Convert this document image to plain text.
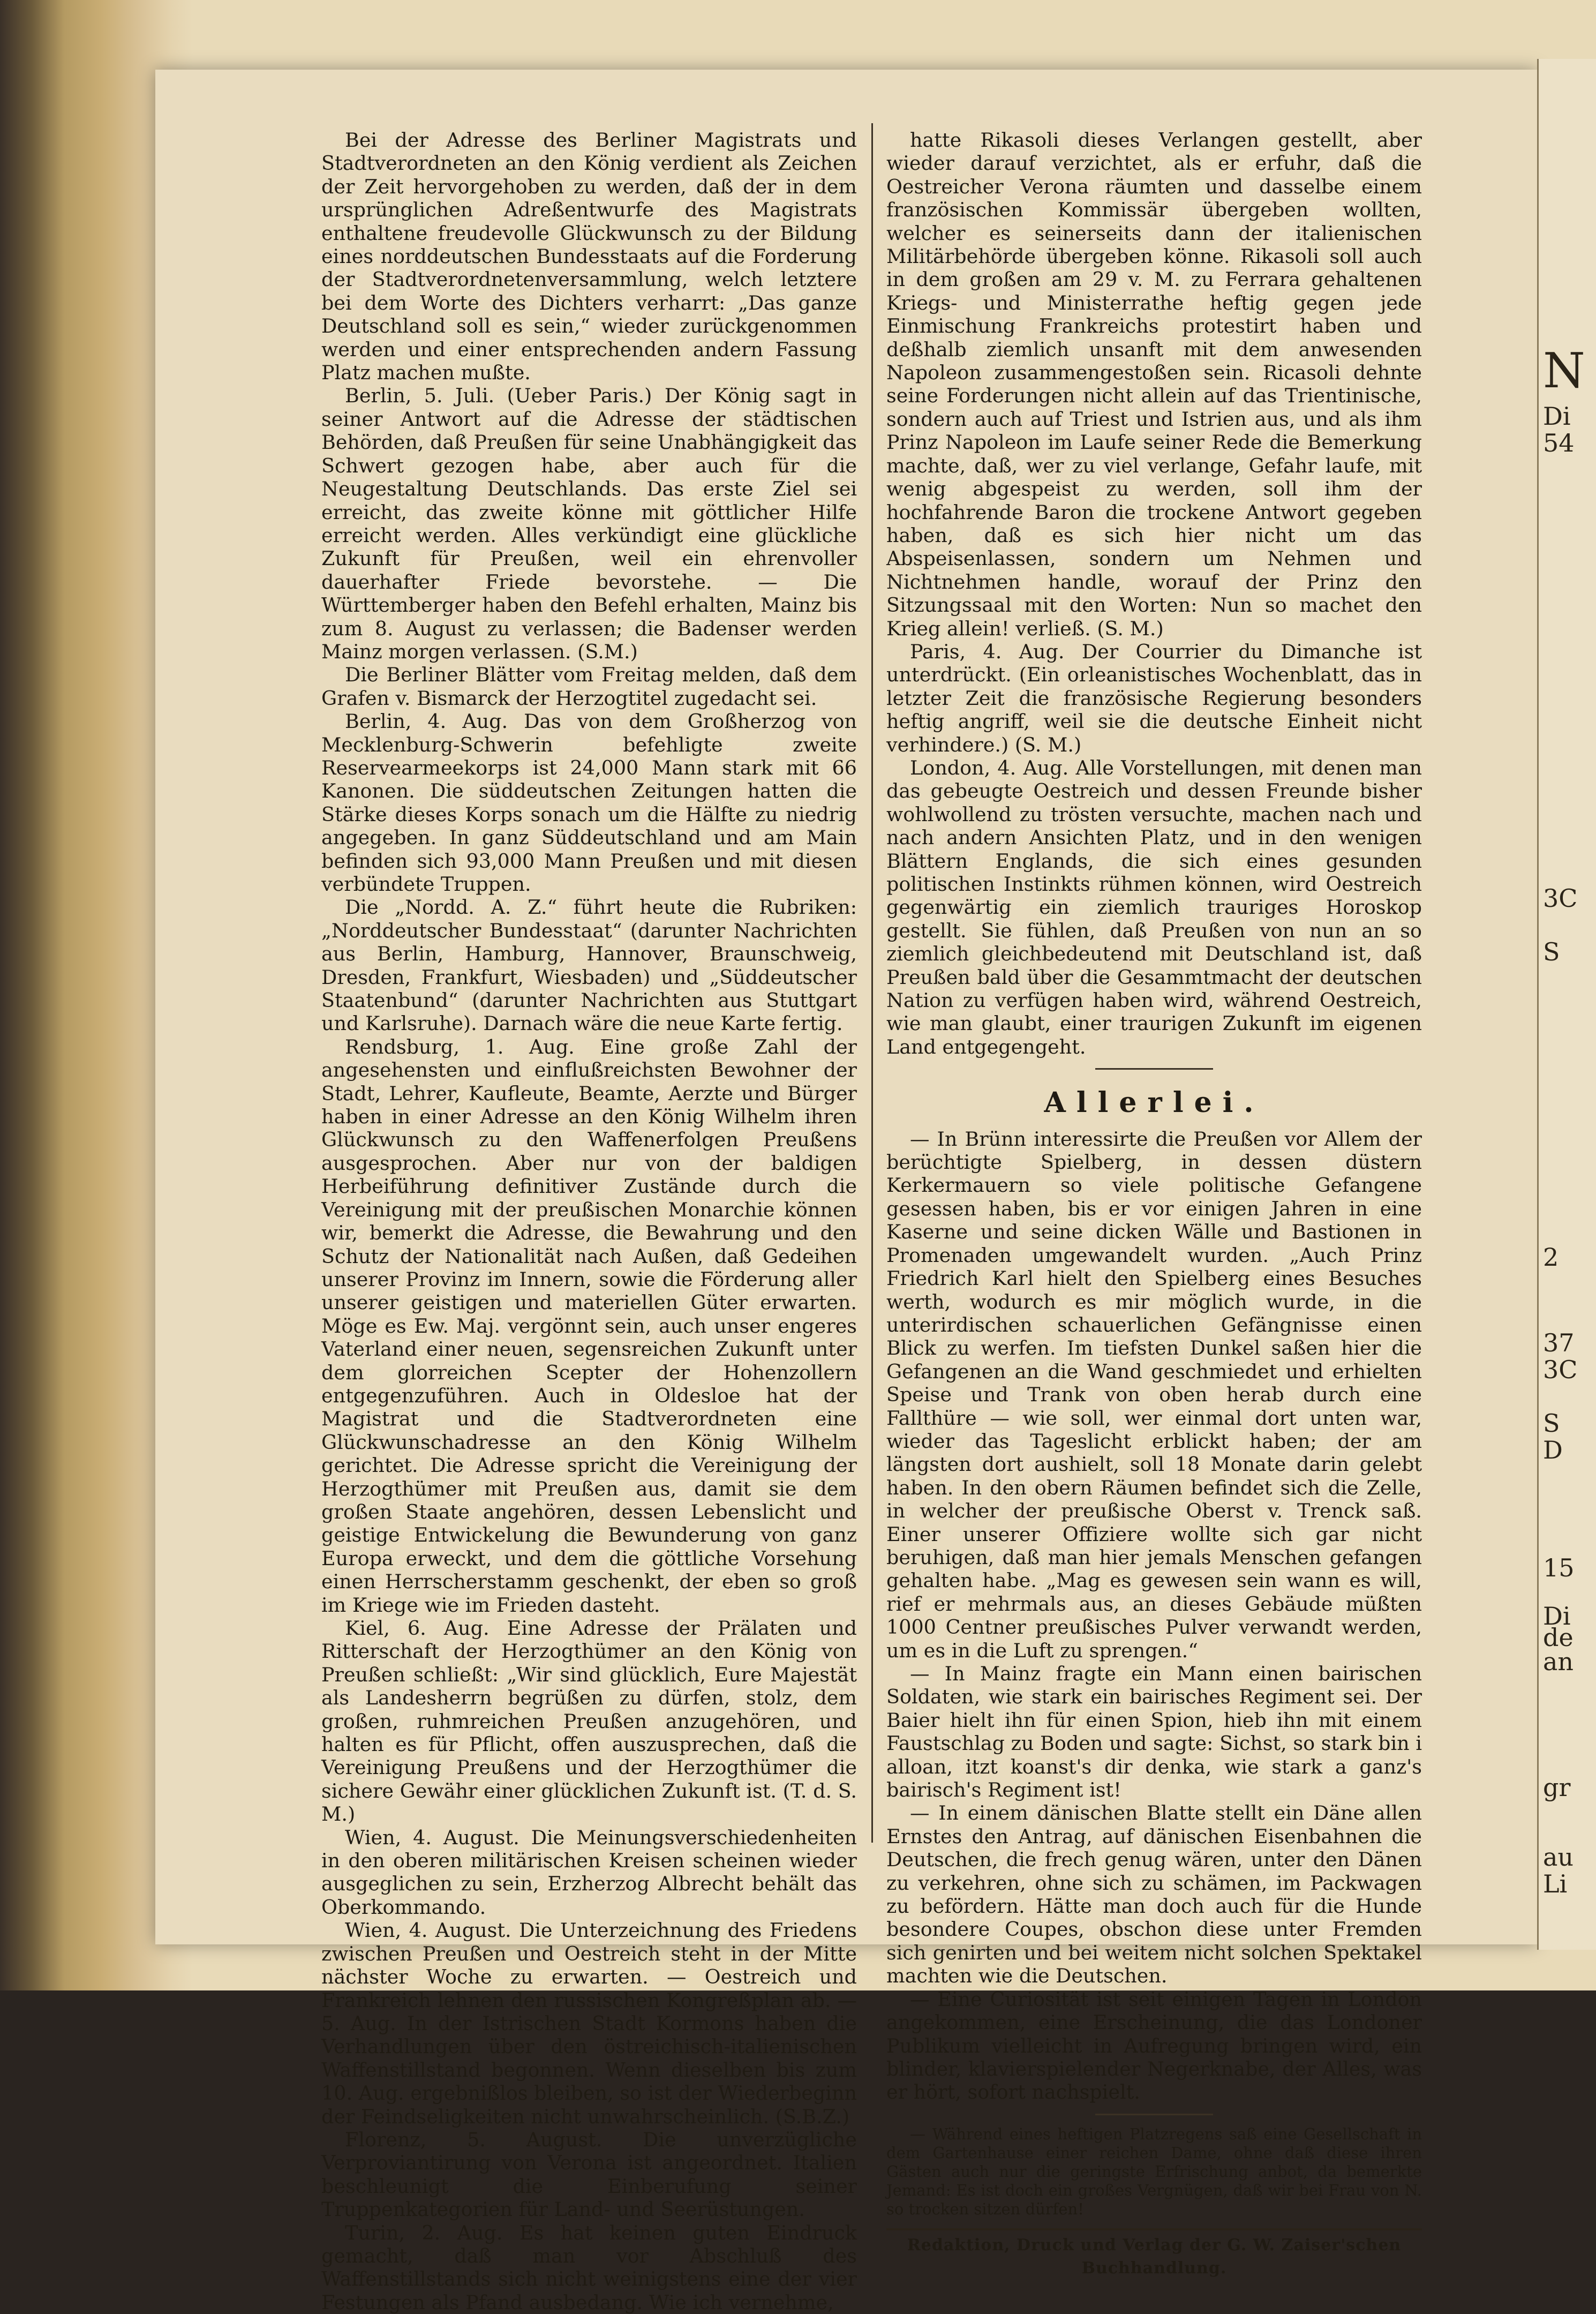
N
Di
54
3C
S
2
37
3C
S
D
15
Di
de
an
gr
au
Li

Bei der Adresse des Berliner Magistrats und Stadtverordneten an den König verdient als Zeichen der Zeit hervorgehoben zu werden, daß der in dem ursprünglichen Adreßentwurfe des Magistrats enthaltene freudevolle Glückwunsch zu der Bildung eines norddeutschen Bundesstaats auf die Forderung der Stadtverordnetenversammlung, welch letztere bei dem Worte des Dichters verharrt: „Das ganze Deutschland soll es sein,“ wieder zurückgenommen werden und einer entsprechenden andern Fassung Platz machen mußte.

Berlin, 5. Juli. (Ueber Paris.) Der König sagt in seiner Antwort auf die Adresse der städtischen Behörden, daß Preußen für seine Unabhängigkeit das Schwert gezogen habe, aber auch für die Neugestaltung Deutschlands. Das erste Ziel sei erreicht, das zweite könne mit göttlicher Hilfe erreicht werden. Alles verkündigt eine glückliche Zukunft für Preußen, weil ein ehrenvoller dauerhafter Friede bevorstehe. — Die Württemberger haben den Befehl erhalten, Mainz bis zum 8. August zu verlassen; die Badenser werden Mainz morgen verlassen. (S.M.)

Die Berliner Blätter vom Freitag melden, daß dem Grafen v. Bismarck der Herzogtitel zugedacht sei.

Berlin, 4. Aug. Das von dem Großherzog von Mecklenburg-Schwerin befehligte zweite Reservearmeekorps ist 24,000 Mann stark mit 66 Kanonen. Die süddeutschen Zeitungen hatten die Stärke dieses Korps sonach um die Hälfte zu niedrig angegeben. In ganz Süddeutschland und am Main befinden sich 93,000 Mann Preußen und mit diesen verbündete Truppen.

Die „Nordd. A. Z.“ führt heute die Rubriken: „Norddeutscher Bundesstaat“ (darunter Nachrichten aus Berlin, Hamburg, Hannover, Braunschweig, Dresden, Frankfurt, Wiesbaden) und „Süddeutscher Staatenbund“ (darunter Nachrichten aus Stuttgart und Karlsruhe). Darnach wäre die neue Karte fertig.

Rendsburg, 1. Aug. Eine große Zahl der angesehensten und einflußreichsten Bewohner der Stadt, Lehrer, Kaufleute, Beamte, Aerzte und Bürger haben in einer Adresse an den König Wilhelm ihren Glückwunsch zu den Waffenerfolgen Preußens ausgesprochen. Aber nur von der baldigen Herbeiführung definitiver Zustände durch die Vereinigung mit der preußischen Monarchie können wir, bemerkt die Adresse, die Bewahrung und den Schutz der Nationalität nach Außen, daß Gedeihen unserer Provinz im Innern, sowie die Förderung aller unserer geistigen und materiellen Güter erwarten. Möge es Ew. Maj. vergönnt sein, auch unser engeres Vaterland einer neuen, segensreichen Zukunft unter dem glorreichen Scepter der Hohenzollern entgegenzuführen. Auch in Oldesloe hat der Magistrat und die Stadtverordneten eine Glückwunschadresse an den König Wilhelm gerichtet. Die Adresse spricht die Vereinigung der Herzogthümer mit Preußen aus, damit sie dem großen Staate angehören, dessen Lebenslicht und geistige Entwickelung die Bewunderung von ganz Europa erweckt, und dem die göttliche Vorsehung einen Herrscherstamm geschenkt, der eben so groß im Kriege wie im Frieden dasteht.

Kiel, 6. Aug. Eine Adresse der Prälaten und Ritterschaft der Herzogthümer an den König von Preußen schließt: „Wir sind glücklich, Eure Majestät als Landesherrn begrüßen zu dürfen, stolz, dem großen, ruhmreichen Preußen anzugehören, und halten es für Pflicht, offen auszusprechen, daß die Vereinigung Preußens und der Herzogthümer die sichere Gewähr einer glücklichen Zukunft ist. (T. d. S. M.)

Wien, 4. August. Die Meinungsverschiedenheiten in den oberen militärischen Kreisen scheinen wieder ausgeglichen zu sein, Erzherzog Albrecht behält das Oberkommando.

Wien, 4. August. Die Unterzeichnung des Friedens zwischen Preußen und Oestreich steht in der Mitte nächster Woche zu erwarten. — Oestreich und Frankreich lehnen den russischen Kongreßplan ab. — 5. Aug. In der Istrischen Stadt Kormons haben die Verhandlungen über den östreichisch-italienischen Waffenstillstand begonnen. Wenn dieselben bis zum 10. Aug. ergebnißlos bleiben, so ist der Wiederbeginn der Feindseligkeiten nicht unwahrscheinlich. (S.B.Z.)

Florenz, 5. August. Die unverzügliche Verproviantirung von Verona ist angeordnet. Italien beschleunigt die Einberufung seiner Truppenkategorien für Land- und Seerüstungen.

Turin, 2. Aug. Es hat keinen guten Eindruck gemacht, daß man vor Abschluß des Waffenstillstands sich nicht weinigstens eine der vier Festungen als Pfand ausbedang. Wie ich vernehme,

hatte Rikasoli dieses Verlangen gestellt, aber wieder darauf verzichtet, als er erfuhr, daß die Oestreicher Verona räumten und dasselbe einem französischen Kommissär übergeben wollten, welcher es seinerseits dann der italienischen Militärbehörde übergeben könne. Rikasoli soll auch in dem großen am 29 v. M. zu Ferrara gehaltenen Kriegs- und Ministerrathe heftig gegen jede Einmischung Frankreichs protestirt haben und deßhalb ziemlich unsanft mit dem anwesenden Napoleon zusammengestoßen sein. Ricasoli dehnte seine Forderungen nicht allein auf das Trientinische, sondern auch auf Triest und Istrien aus, und als ihm Prinz Napoleon im Laufe seiner Rede die Bemerkung machte, daß, wer zu viel verlange, Gefahr laufe, mit wenig abgespeist zu werden, soll ihm der hochfahrende Baron die trockene Antwort gegeben haben, daß es sich hier nicht um das Abspeisenlassen, sondern um Nehmen und Nichtnehmen handle, worauf der Prinz den Sitzungssaal mit den Worten: Nun so machet den Krieg allein! verließ. (S. M.)

Paris, 4. Aug. Der Courrier du Dimanche ist unterdrückt. (Ein orleanistisches Wochenblatt, das in letzter Zeit die französische Regierung besonders heftig angriff, weil sie die deutsche Einheit nicht verhindere.) (S. M.)

London, 4. Aug. Alle Vorstellungen, mit denen man das gebeugte Oestreich und dessen Freunde bisher wohlwollend zu trösten versuchte, machen nach und nach andern Ansichten Platz, und in den wenigen Blättern Englands, die sich eines gesunden politischen Instinkts rühmen können, wird Oestreich gegenwärtig ein ziemlich trauriges Horoskop gestellt. Sie fühlen, daß Preußen von nun an so ziemlich gleichbedeutend mit Deutschland ist, daß Preußen bald über die Gesammtmacht der deutschen Nation zu verfügen haben wird, während Oestreich, wie man glaubt, einer traurigen Zukunft im eigenen Land entgegengeht.

Allerlei.

— In Brünn interessirte die Preußen vor Allem der berüchtigte Spielberg, in dessen düstern Kerkermauern so viele politische Gefangene gesessen haben, bis er vor einigen Jahren in eine Kaserne und seine dicken Wälle und Bastionen in Promenaden umgewandelt wurden. „Auch Prinz Friedrich Karl hielt den Spielberg eines Besuches werth, wodurch es mir möglich wurde, in die unterirdischen schauerlichen Gefängnisse einen Blick zu werfen. Im tiefsten Dunkel saßen hier die Gefangenen an die Wand geschmiedet und erhielten Speise und Trank von oben herab durch eine Fallthüre — wie soll, wer einmal dort unten war, wieder das Tageslicht erblickt haben; der am längsten dort aushielt, soll 18 Monate darin gelebt haben. In den obern Räumen befindet sich die Zelle, in welcher der preußische Oberst v. Trenck saß. Einer unserer Offiziere wollte sich gar nicht beruhigen, daß man hier jemals Menschen gefangen gehalten habe. „Mag es gewesen sein wann es will, rief er mehrmals aus, an dieses Gebäude müßten 1000 Centner preußisches Pulver verwandt werden, um es in die Luft zu sprengen.“

— In Mainz fragte ein Mann einen bairischen Soldaten, wie stark ein bairisches Regiment sei. Der Baier hielt ihn für einen Spion, hieb ihn mit einem Faustschlag zu Boden und sagte: Sichst, so stark bin i alloan, itzt koanst's dir denka, wie stark a ganz's bairisch's Regiment ist!

— In einem dänischen Blatte stellt ein Däne allen Ernstes den Antrag, auf dänischen Eisenbahnen die Deutschen, die frech genug wären, unter den Dänen zu verkehren, ohne sich zu schämen, im Packwagen zu befördern. Hätte man doch auch für die Hunde besondere Coupes, obschon diese unter Fremden sich genirten und bei weitem nicht solchen Spektakel machten wie die Deutschen.

— Eine Curiosität ist seit einigen Tagen in London angekommen, eine Erscheinung, die das Londoner Publikum vielleicht in Aufregung bringen wird, ein blinder, klavierspielender Negerknabe, der Alles, was er hört, sofort nachspielt.

— Während eines heftigen Platzregens saß eine Gesellschaft in dem Gartenhause einer reichen Dame, ohne daß diese ihren Gästen auch nur die geringste Erfrischung anbot, da bemerkte Jemand: Es ist doch ein großes Vergnügen, daß wir bei Frau von N. so trocken sitzen dürfen!

Redaktion, Druck und Verlag der G. W. Zaiser'schen Buchhandlung.
